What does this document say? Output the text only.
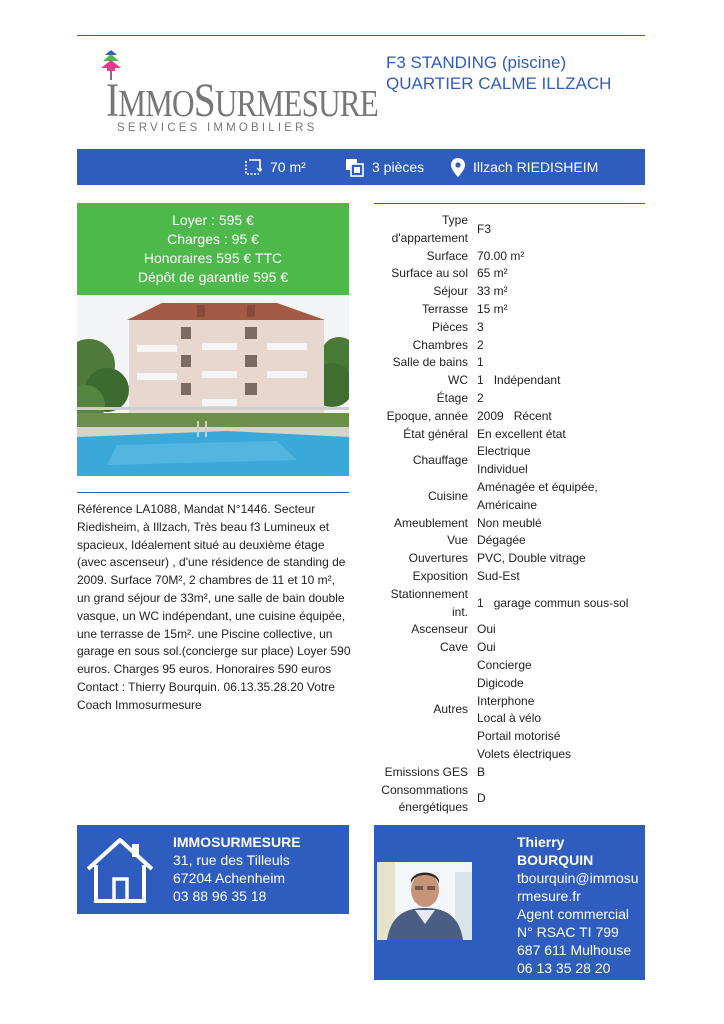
IMMOSURMESURE
SERVICES IMMOBILIERS
F3 STANDING (piscine)
QUARTIER CALME ILLZACH
70 m²	3 pièces	Illzach RIEDISHEIM
Loyer : 595 €
Charges : 95 €
Honoraires 595 € TTC
Dépôt de garantie 595 €
Référence LA1088, Mandat N°1446. Secteur Riedisheim, à Illzach, Très beau f3 Lumineux et spacieux, Idéalement situé au deuxième étage (avec ascenseur) , d'une résidence de standing de 2009. Surface 70M², 2 chambres de 11 et 10 m², un grand séjour de 33m², une salle de bain double vasque, un WC indépendant, une cuisine équipée, une terrasse de 15m². une Piscine collective, un garage en sous sol.(concierge sur place) Loyer 590 euros. Charges 95 euros. Honoraires 590 euros Contact : Thierry Bourquin. 06.13.35.28.20 Votre Coach Immosurmesure
Type d'appartement
F3
Surface 70.00 m²
Surface au sol 65 m²
Séjour 33 m²
Terrasse 15 m²
Pièces 3
Chambres 2
Salle de bains 1
WC 1 Indépendant
Étage 2
Epoque, année 2009 Récent
État général En excellent état
Chauffage
Electrique
Individuel
Cuisine
Aménagée et équipée, Américaine
Ameublement Non meublé
Vue Dégagée
Ouvertures PVC, Double vitrage
Exposition Sud-Est
Stationnement int.
1 garage commun sous-sol
Ascenseur Oui
Cave Oui
Autres
Concierge
Digicode
Interphone
Local à vélo
Portail motorisé
Volets électriques
Emissions GES B
Consommations énergétiques
D
IMMOSURMESURE
31, rue des Tilleuls
67204 Achenheim
03 88 96 35 18
Thierry
BOURQUIN
tbourquin@immosurmesure.fr
Agent commercial
N° RSAC TI 799 687 611 Mulhouse
06 13 35 28 20
